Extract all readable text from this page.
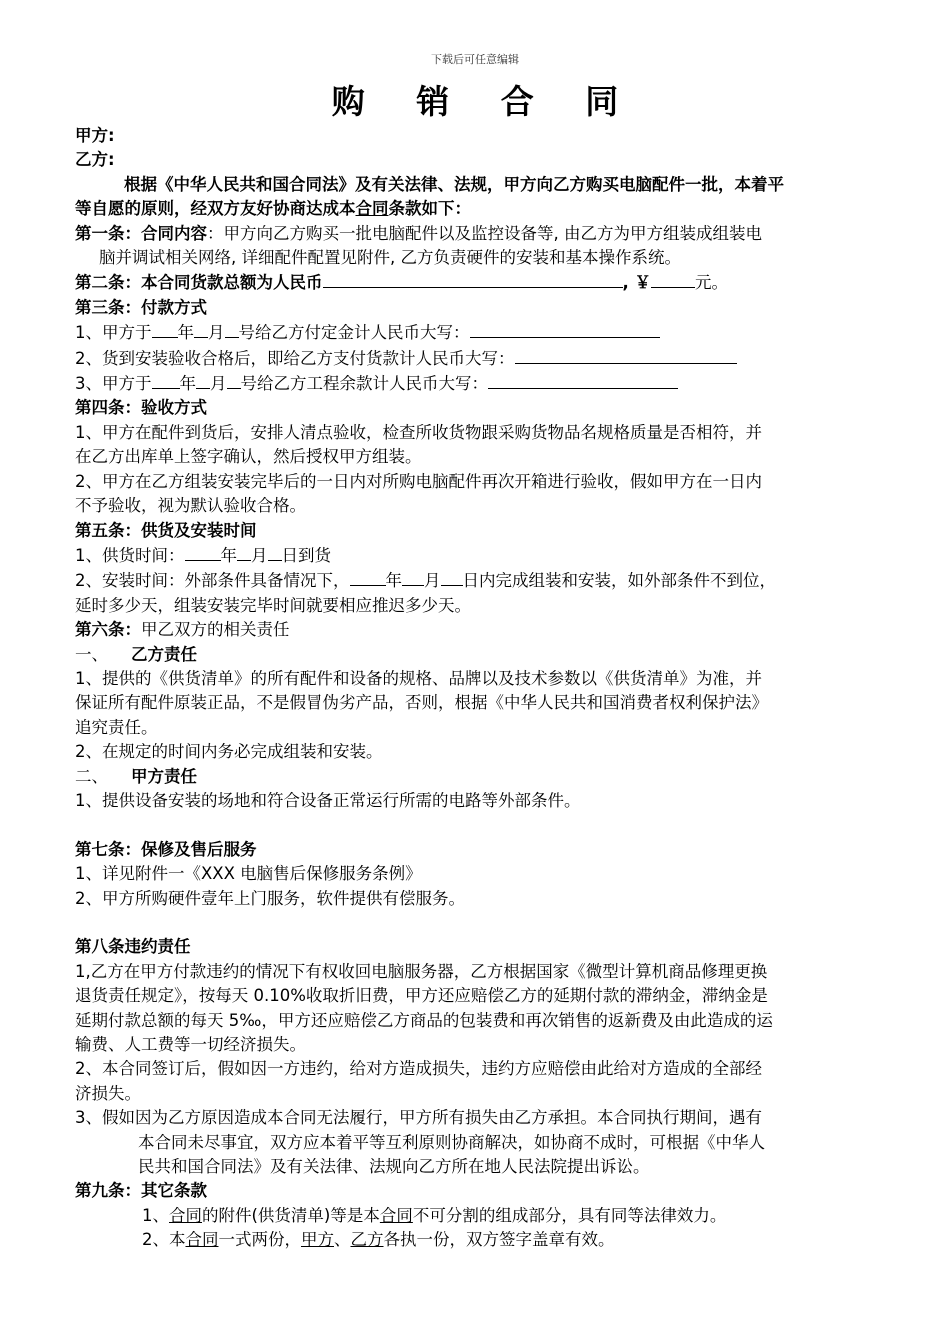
下载后可任意编辑
购 销 合 同
甲方:
乙方:
根据《中华人民共和国合同法》及有关法律、法规，甲方向乙方购买电脑配件一批，本着平
等自愿的原则，经双方友好协商达成本合同条款如下：
第一条：合同内容：甲方向乙方购买一批电脑配件以及监控设备等, 由乙方为甲方组装成组装电
脑并调试相关网络, 详细配件配置见附件, 乙方负责硬件的安装和基本操作系统。
第二条：本合同货款总额为人民币	, ￥	元。
第三条：付款方式
1、甲方于 年 月 号给乙方付定金计人民币大写：
2、货到安装验收合格后，即给乙方支付货款计人民币大写：
3、甲方于 年 月 号给乙方工程余款计人民币大写：
第四条：验收方式
1、甲方在配件到货后，安排人清点验收，检查所收货物跟采购货物品名规格质量是否相符，并
在乙方出库单上签字确认，然后授权甲方组装。
2、甲方在乙方组装安装完毕后的一日内对所购电脑配件再次开箱进行验收，假如甲方在一日内
不予验收，视为默认验收合格。
第五条：供货及安装时间
1、供货时间： 年 月 日到货
2、安装时间：外部条件具备情况下， 年 月 日内完成组装和安装，如外部条件不到位，
延时多少天，组装安装完毕时间就要相应推迟多少天。
第六条：甲乙双方的相关责任
一、 乙方责任
1、提供的《供货清单》的所有配件和设备的规格、品牌以及技术参数以《供货清单》为准，并
保证所有配件原装正品，不是假冒伪劣产品，否则，根据《中华人民共和国消费者权利保护法》
追究责任。
2、在规定的时间内务必完成组装和安装。
二、 甲方责任
1、提供设备安装的场地和符合设备正常运行所需的电路等外部条件。
第七条：保修及售后服务
1、详见附件一《XXX 电脑售后保修服务条例》
2、甲方所购硬件壹年上门服务，软件提供有偿服务。
第八条违约责任
1,乙方在甲方付款违约的情况下有权收回电脑服务器，乙方根据国家《微型计算机商品修理更换
退货责任规定》，按每天 0.10%收取折旧费，甲方还应赔偿乙方的延期付款的滞纳金，滞纳金是
延期付款总额的每天 5‰，甲方还应赔偿乙方商品的包装费和再次销售的返新费及由此造成的运
输费、人工费等一切经济损失。
2、本合同签订后，假如因一方违约，给对方造成损失，违约方应赔偿由此给对方造成的全部经
济损失。
3、假如因为乙方原因造成本合同无法履行，甲方所有损失由乙方承担。本合同执行期间，遇有
本合同未尽事宜，双方应本着平等互利原则协商解决，如协商不成时，可根据《中华人
民共和国合同法》及有关法律、法规向乙方所在地人民法院提出诉讼。
第九条：其它条款
1、合同的附件(供货清单)等是本合同不可分割的组成部分，具有同等法律效力。
2、本合同一式两份，甲方、乙方各执一份，双方签字盖章有效。
